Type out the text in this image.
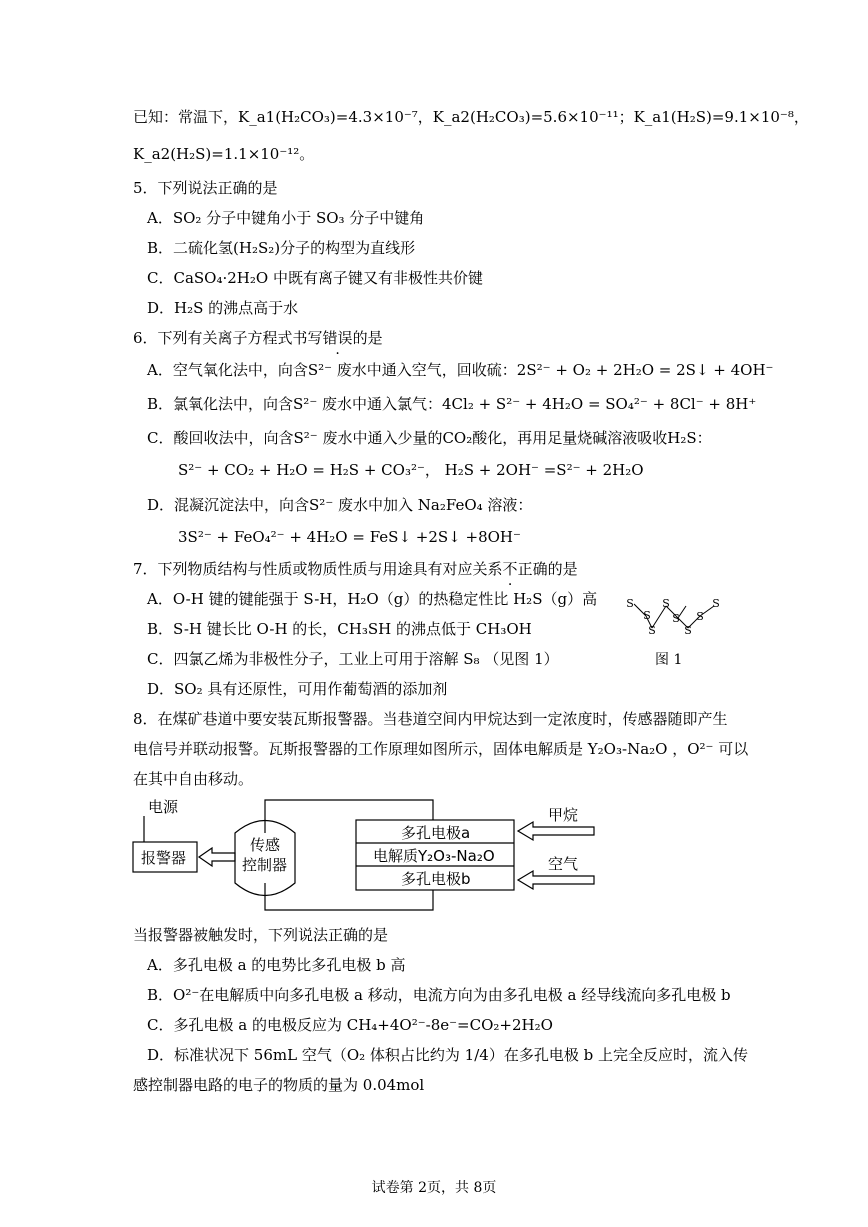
已知：常温下，K_a1(H₂CO₃)=4.3×10⁻⁷，K_a2(H₂CO₃)=5.6×10⁻¹¹；K_a1(H₂S)=9.1×10⁻⁸，
K_a2(H₂S)=1.1×10⁻¹²。
5．下列说法正确的是
A．SO₂ 分子中键角小于 SO₃ 分子中键角
B．二硫化氢(H₂S₂)分子的构型为直线形
C．CaSO₄·2H₂O 中既有离子键又有非极性共价键
D．H₂S 的沸点高于水
6．下列有关离子方程式书写错误的是
A．空气氧化法中，向含S²⁻ 废水中通入空气，回收硫：2S²⁻ + O₂ + 2H₂O = 2S↓ + 4OH⁻
B．氯氧化法中，向含S²⁻ 废水中通入氯气：4Cl₂ + S²⁻ + 4H₂O = SO₄²⁻ + 8Cl⁻ + 8H⁺
C．酸回收法中，向含S²⁻ 废水中通入少量的CO₂酸化，再用足量烧碱溶液吸收H₂S：
S²⁻ + CO₂ + H₂O = H₂S + CO₃²⁻， H₂S + 2OH⁻ =S²⁻ + 2H₂O
D．混凝沉淀法中，向含S²⁻ 废水中加入 Na₂FeO₄ 溶液：
3S²⁻ + FeO₄²⁻ + 4H₂O = FeS↓ +2S↓ +8OH⁻
7．下列物质结构与性质或物质性质与用途具有对应关系不正确的是
A．O-H 键的键能强于 S-H，H₂O（g）的热稳定性比 H₂S（g）高
B．S-H 键长比 O-H 的长，CH₃SH 的沸点低于 CH₃OH
C．四氯乙烯为非极性分子，工业上可用于溶解 S₈ （见图 1）
D．SO₂ 具有还原性，可用作葡萄酒的添加剂
S
S
S
S
S
S
S
S
图 1
8．在煤矿巷道中要安装瓦斯报警器。当巷道空间内甲烷达到一定浓度时，传感器随即产生
电信号并联动报警。瓦斯报警器的工作原理如图所示，固体电解质是 Y₂O₃-Na₂O ，O²⁻ 可以
在其中自由移动。
电源
报警器
传感
控制器
多孔电极a
电解质Y₂O₃-Na₂O
多孔电极b
甲烷
空气
当报警器被触发时，下列说法正确的是
A．多孔电极 a 的电势比多孔电极 b 高
B．O²⁻在电解质中向多孔电极 a 移动，电流方向为由多孔电极 a 经导线流向多孔电极 b
C．多孔电极 a 的电极反应为 CH₄+4O²⁻-8e⁻=CO₂+2H₂O
D．标准状况下 56mL 空气（O₂ 体积占比约为 1/4）在多孔电极 b 上完全反应时，流入传
感控制器电路的电子的物质的量为 0.04mol
试卷第 2页，共 8页
